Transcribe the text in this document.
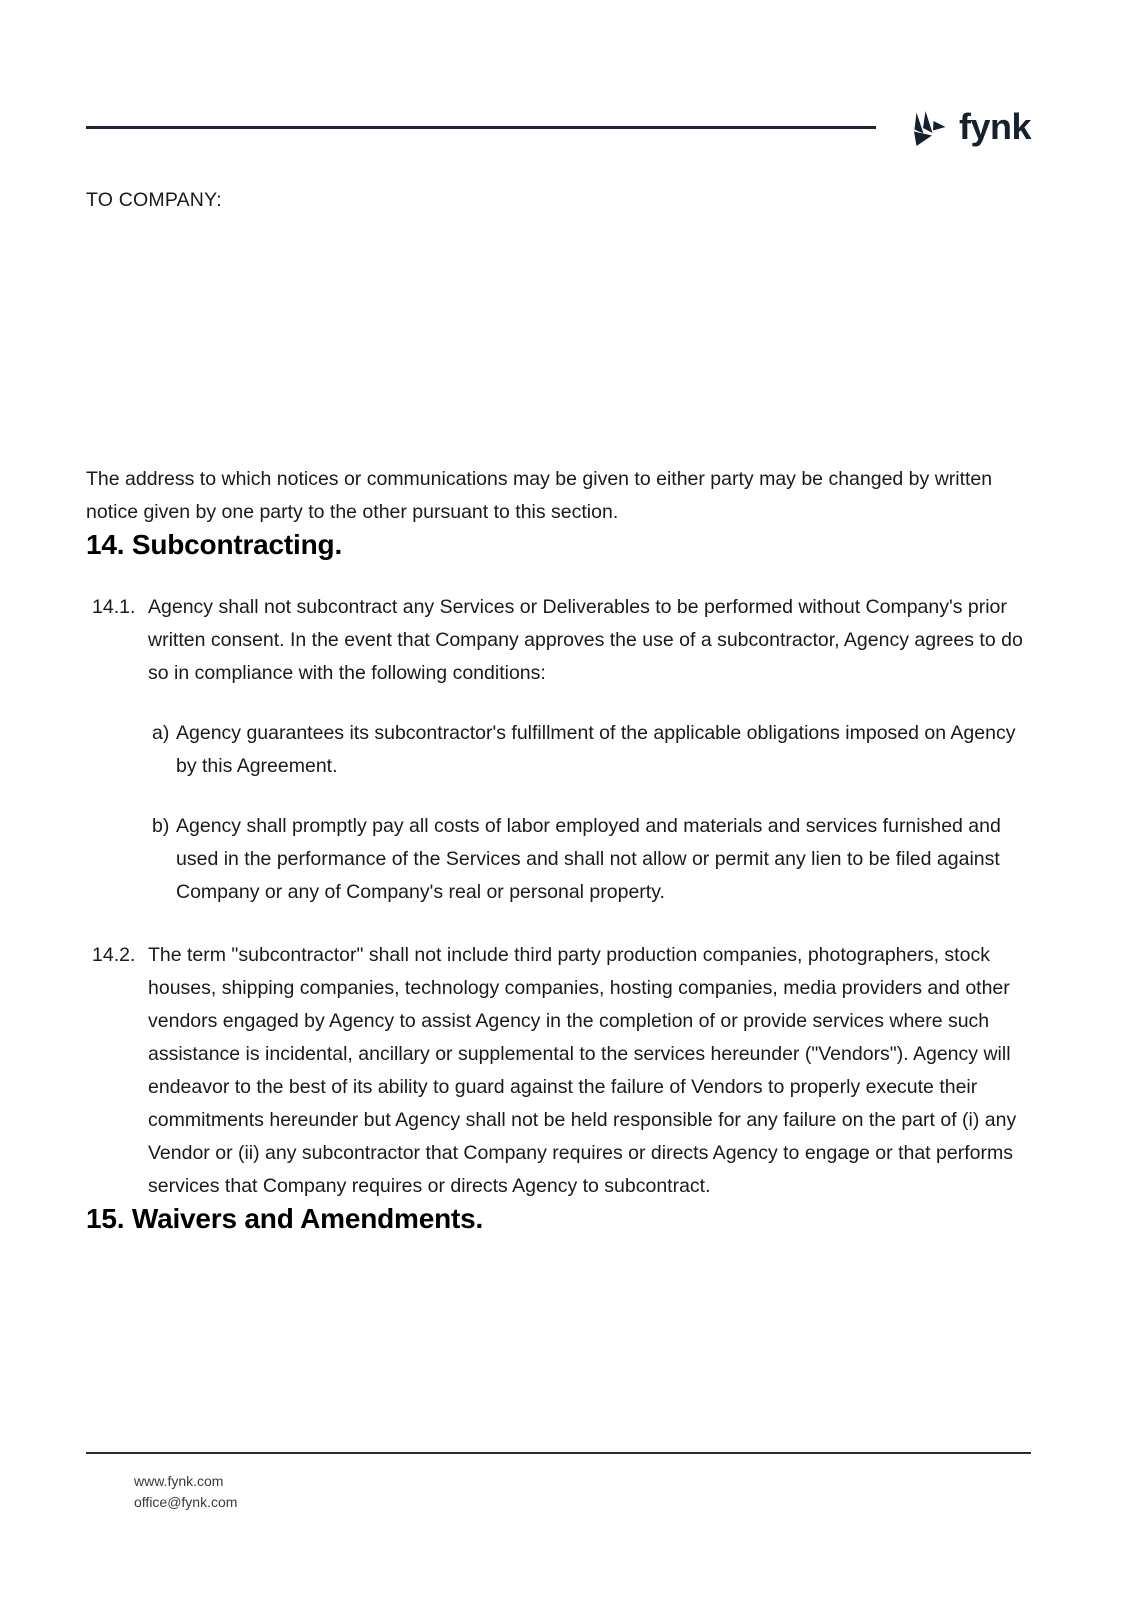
fynk

TO COMPANY:

The address to which notices or communications may be given to either party may be changed by written notice given by one party to the other pursuant to this section.

14. Subcontracting.
14.1. Agency shall not subcontract any Services or Deliverables to be performed without Company's prior written consent. In the event that Company approves the use of a subcontractor, Agency agrees to do so in compliance with the following conditions:
a) Agency guarantees its subcontractor's fulfillment of the applicable obligations imposed on Agency by this Agreement.
b) Agency shall promptly pay all costs of labor employed and materials and services furnished and used in the performance of the Services and shall not allow or permit any lien to be filed against Company or any of Company's real or personal property.
14.2. The term "subcontractor" shall not include third party production companies, photographers, stock houses, shipping companies, technology companies, hosting companies, media providers and other vendors engaged by Agency to assist Agency in the completion of or provide services where such assistance is incidental, ancillary or supplemental to the services hereunder ("Vendors"). Agency will endeavor to the best of its ability to guard against the failure of Vendors to properly execute their commitments hereunder but Agency shall not be held responsible for any failure on the part of (i) any Vendor or (ii) any subcontractor that Company requires or directs Agency to engage or that performs services that Company requires or directs Agency to subcontract.
15. Waivers and Amendments.
www.fynk.com
office@fynk.com
